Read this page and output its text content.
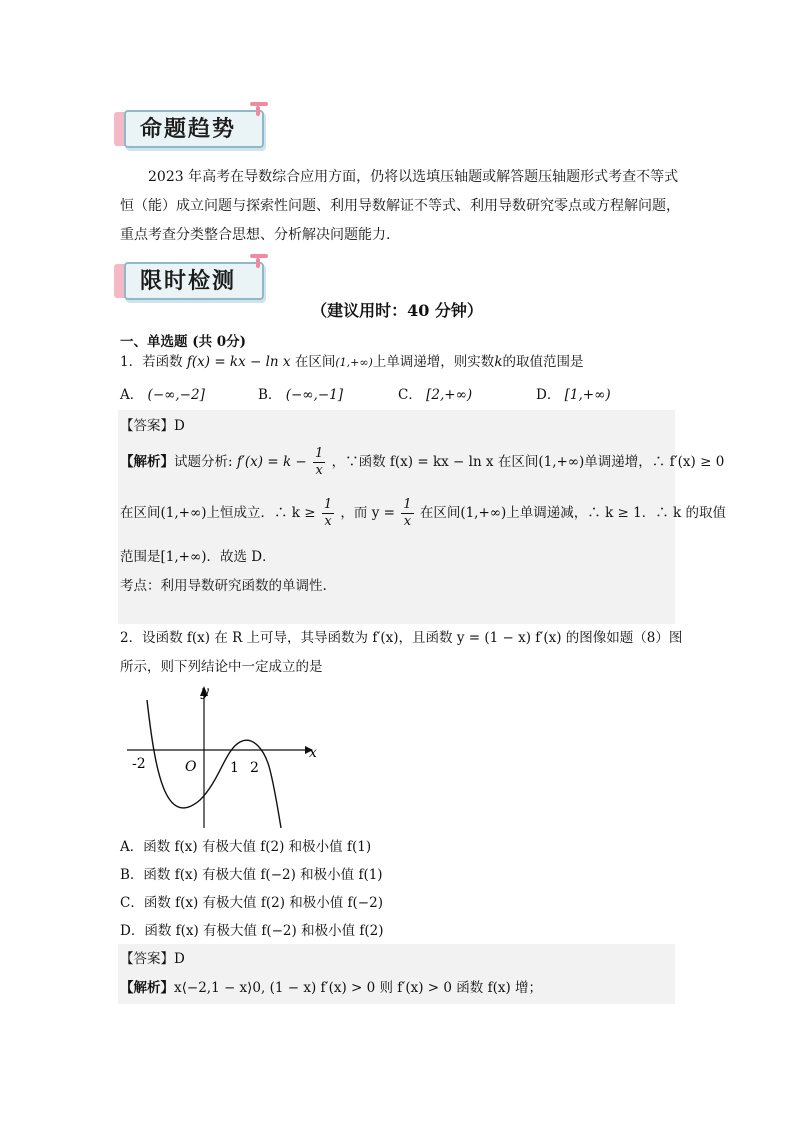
命题趋势
2023 年高考在导数综合应用方面，仍将以选填压轴题或解答题压轴题形式考查不等式恒（能）成立问题与探索性问题、利用导数解证不等式、利用导数研究零点或方程解问题，重点考查分类整合思想、分析解决问题能力.
限时检测
（建议用时：40 分钟）
一、单选题 (共 0分)
1．若函数 f(x) = kx − ln x 在区间(1,+∞)上单调递增，则实数k的取值范围是
A． (−∞,−2]	B． (−∞,−1]	C． [2,+∞)	D． [1,+∞)
【答案】D
【解析】试题分析: $f'(x) = k - \frac{1}{x}$ ，∵函数 f(x) = kx − ln x 在区间(1,+∞)单调递增，∴ f′(x) ≥ 0
在区间(1,+∞)上恒成立．∴ $k \ge \frac{1}{x}$ ，而 $y = \frac{1}{x}$ 在区间(1,+∞)上单调递减，∴ k ≥ 1．∴ k 的取值
范围是[1,+∞)．故选 D．
考点：利用导数研究函数的单调性.
2．设函数 f(x) 在 R 上可导，其导函数为 f′(x)，且函数 y = (1 − x) f′(x) 的图像如题（8）图
所示，则下列结论中一定成立的是
x
y
O
-2	1 2
A．函数 f(x) 有极大值 f(2) 和极小值 f(1)
B．函数 f(x) 有极大值 f(−2) 和极小值 f(1)
C．函数 f(x) 有极大值 f(2) 和极小值 f(−2)
D．函数 f(x) 有极大值 f(−2) 和极小值 f(2)
【答案】D
【解析】x⟨−2,1 − x⟩0, (1 − x) f′(x) > 0 则 f′(x) > 0 函数 f(x) 增；
